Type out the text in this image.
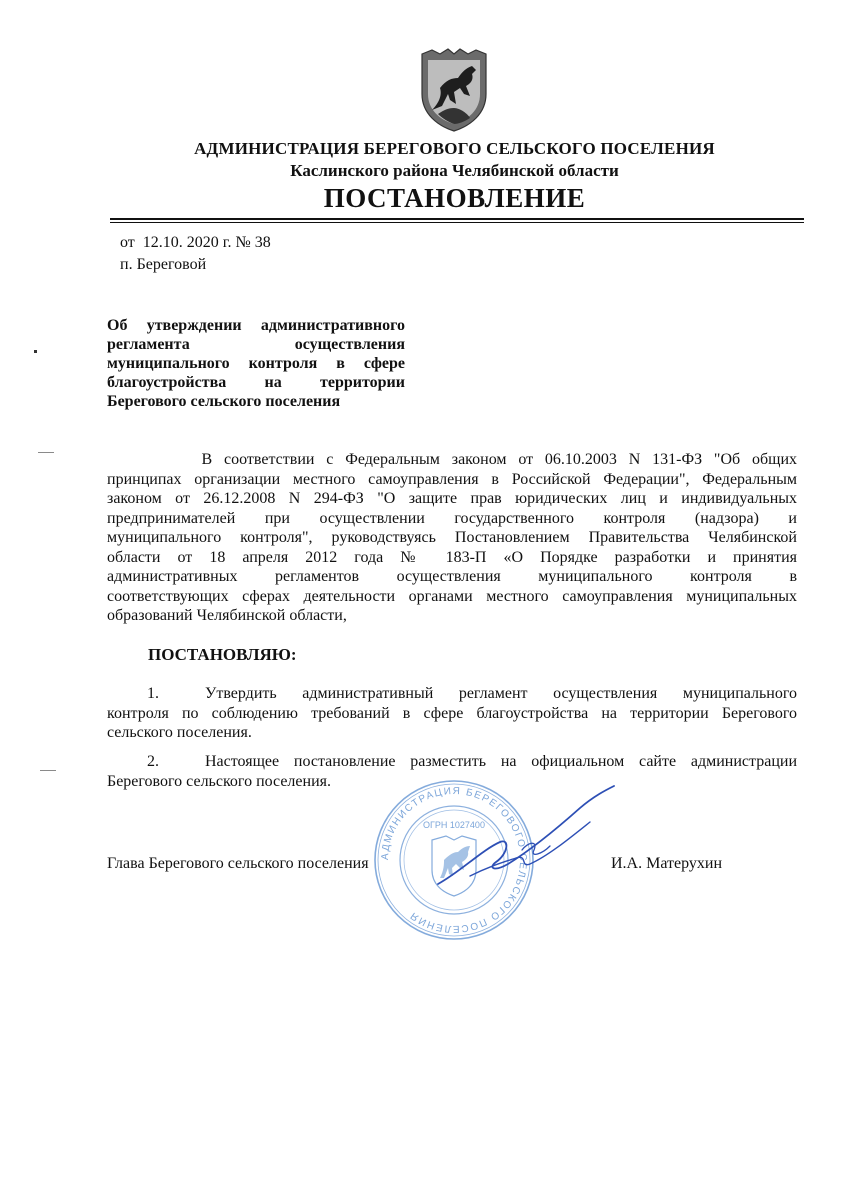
АДМИНИСТРАЦИЯ БЕРЕГОВОГО СЕЛЬСКОГО ПОСЕЛЕНИЯ
Каслинского района Челябинской области
ПОСТАНОВЛЕНИЕ
от  12.10. 2020 г. № 38
п. Береговой
Об утверждении административного
регламента осуществления
муниципального контроля в сфере
благоустройства на территории
Берегового сельского поселения
В соответствии с Федеральным законом от 06.10.2003 N 131-ФЗ "Об общих
принципах организации местного самоуправления в Российской Федерации", Федеральным
законом от 26.12.2008 N 294-ФЗ "О защите прав юридических лиц и индивидуальных
предпринимателей при осуществлении государственного контроля (надзора) и
муниципального контроля", руководствуясь Постановлением Правительства Челябинской
области от 18 апреля 2012 года № 183-П «О Порядке разработки и принятия
административных регламентов осуществления муниципального контроля в
соответствующих сферах деятельности органами местного самоуправления муниципальных
образований Челябинской области,
ПОСТАНОВЛЯЮ:
1.	Утвердить административный регламент осуществления муниципального
контроля по соблюдению требований в сфере благоустройства на территории Берегового
сельского поселения.
2.	Настоящее постановление разместить на официальном сайте администрации
Берегового сельского поселения.
АДМИНИСТРАЦИЯ БЕРЕГОВОГО СЕЛЬСКОГО ПОСЕЛЕНИЯ
ОГРН 1027400
Глава Берегового сельского поселения	И.А. Матерухин
